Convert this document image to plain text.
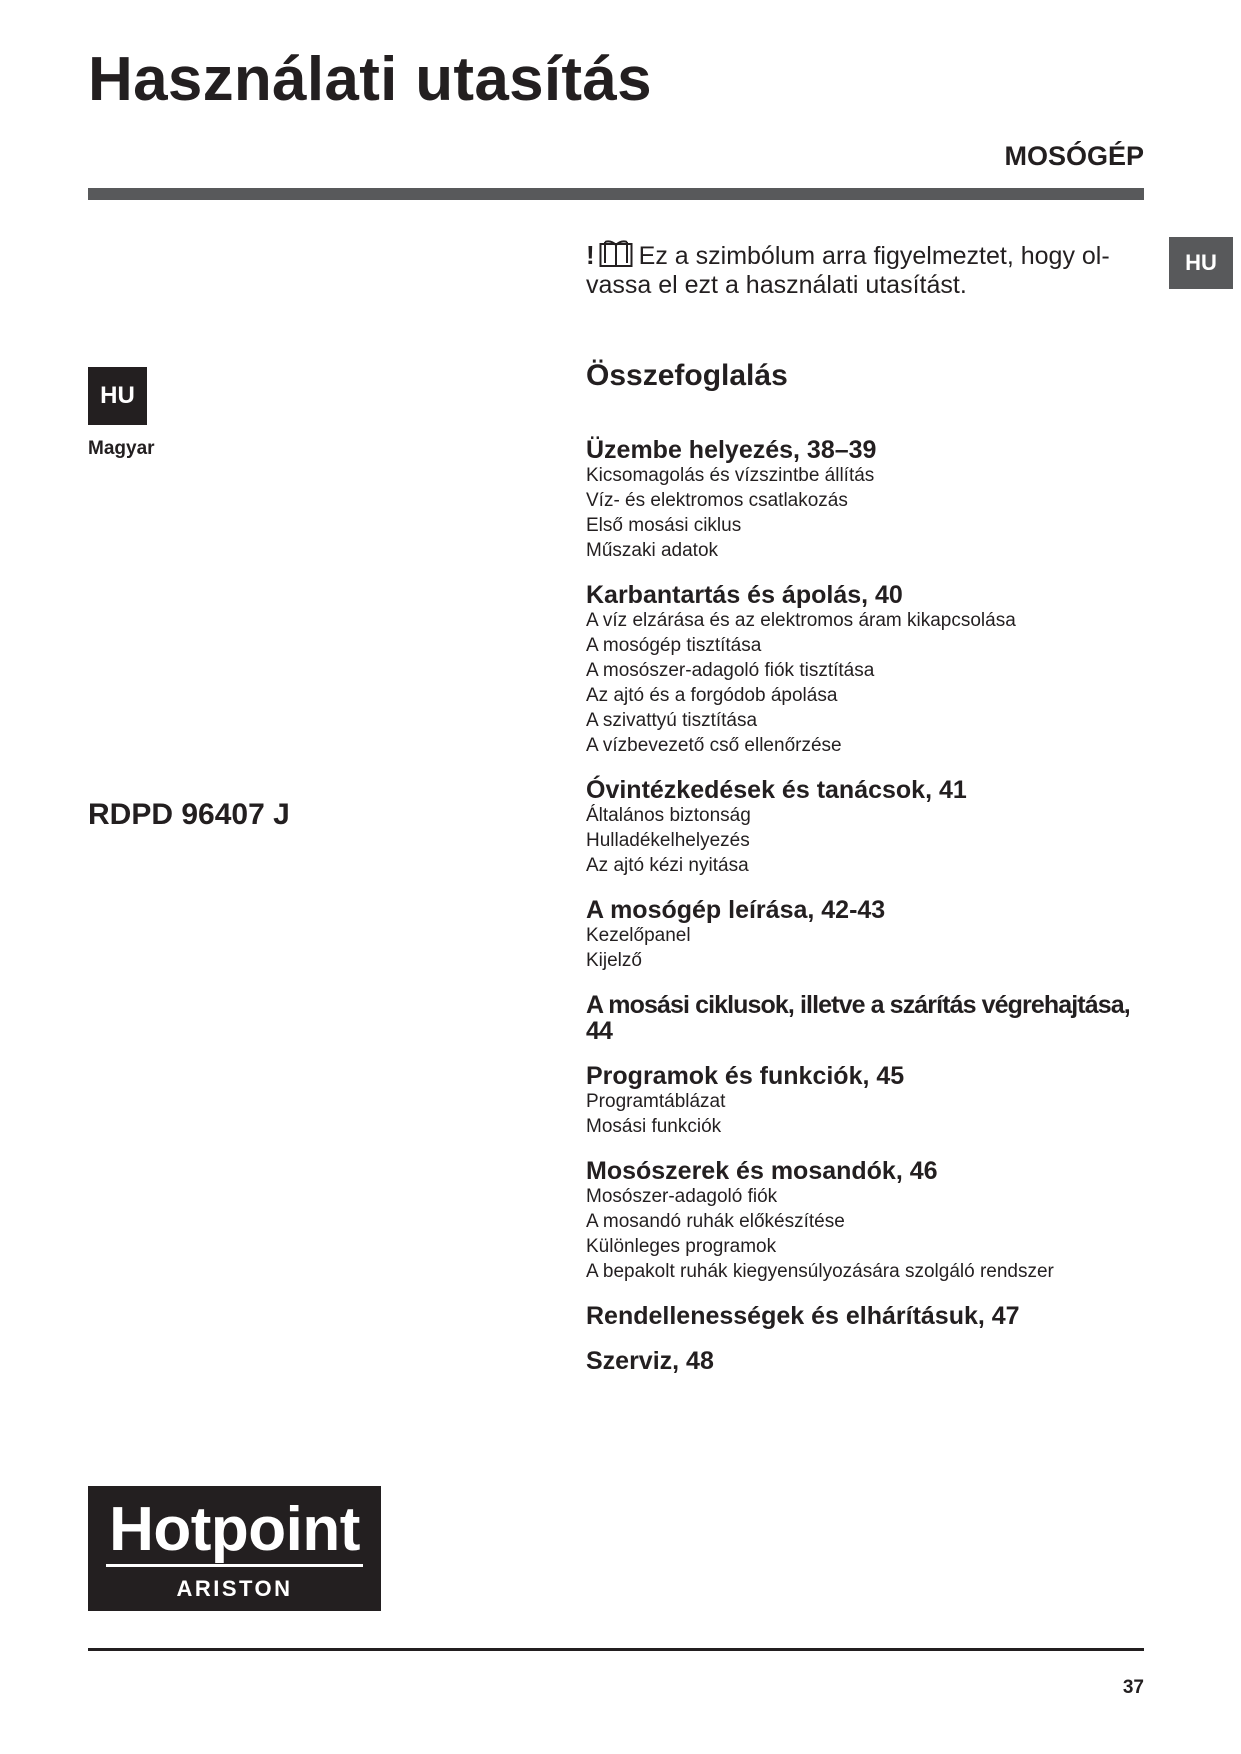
Használati utasítás
MOSÓGÉP
HU
! Ez a szimbólum arra figyelmeztet, hogy ol-vassa el ezt a használati utasítást.
HU
Magyar
RDPD 96407 J
Összefoglalás
Üzembe helyezés, 38–39
Kicsomagolás és vízszintbe állítás
Víz- és elektromos csatlakozás
Első mosási ciklus
Műszaki adatok
Karbantartás és ápolás, 40
A víz elzárása és az elektromos áram kikapcsolása
A mosógép tisztítása
A mosószer-adagoló fiók tisztítása
Az ajtó és a forgódob ápolása
A szivattyú tisztítása
A vízbevezető cső ellenőrzése
Óvintézkedések és tanácsok, 41
Általános biztonság
Hulladékelhelyezés
Az ajtó kézi nyitása
A mosógép leírása, 42-43
Kezelőpanel
Kijelző
A mosási ciklusok, illetve a szárítás végrehajtása, 44
Programok és funkciók, 45
Programtáblázat
Mosási funkciók
Mosószerek és mosandók, 46
Mosószer-adagoló fiók
A mosandó ruhák előkészítése
Különleges programok
A bepakolt ruhák kiegyensúlyozására szolgáló rendszer
Rendellenességek és elhárításuk, 47
Szerviz, 48
Hotpoint
ARISTON
37
